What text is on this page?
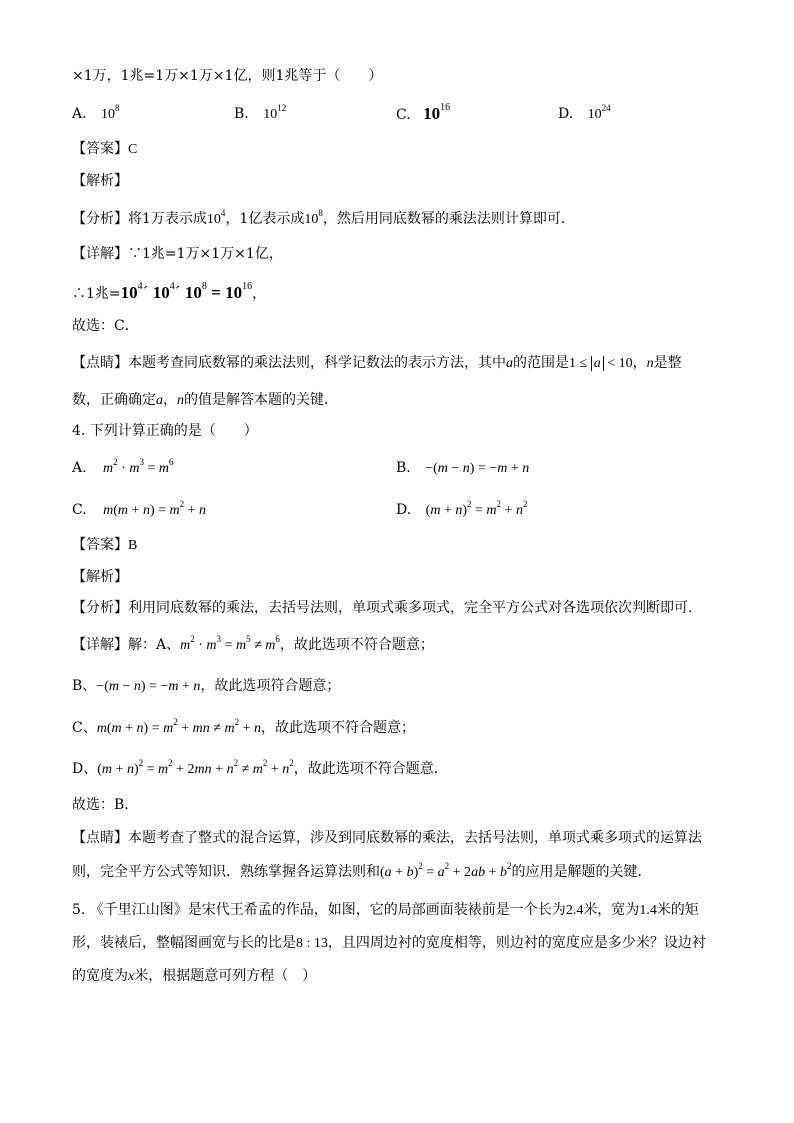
×1万，1兆=1万×1万×1亿，则1兆等于（　　）
A. $10^8$	B. $10^{12}$	C. $10^{16}$	D. $10^{24}$
【答案】C
【解析】
【分析】将1万表示成$10^4$，1亿表示成$10^8$，然后用同底数幂的乘法法则计算即可．
【详解】∵1兆=1万×1万×1亿，
∴1兆$=10^4´$ $10^4´$ $10^8 = 10^{16}$，
故选：C．
【点睛】本题考查同底数幂的乘法法则，科学记数法的表示方法，其中a的范围是1 ≤ a < 10，n是整
数，正确确定a，n的值是解答本题的关键．
4. 下列计算正确的是（　　）
A. $m^2 \cdot m^3 = m^6$	B. −(m − n) = −m + n
C. $m(m + n) = m^2 + n$	D. $(m + n)^2 = m^2 + n^2$
【答案】B
【解析】
【分析】利用同底数幂的乘法，去括号法则，单项式乘多项式，完全平方公式对各选项依次判断即可．
【详解】解：A、$m^2 \cdot m^3 = m^5 \ne m^6$，故此选项不符合题意；
B、−(m − n) = −m + n，故此选项符合题意；
C、$m(m + n) = m^2$ + mn ≠ $m^2 + n$，故此选项不符合题意；
D、$(m + n)^2 = m^2 + 2mn + n^2 \ne m^2 + n^2$，故此选项不符合题意．
故选：B．
【点睛】本题考查了整式的混合运算，涉及到同底数幂的乘法，去括号法则，单项式乘多项式的运算法
则，完全平方公式等知识．熟练掌握各运算法则和$(a + b)^2 = a^2 + 2ab + b^2$的应用是解题的关键．
5. 《千里江山图》是宋代王希孟的作品，如图，它的局部画面装裱前是一个长为2.4米，宽为1.4米的矩
形，装裱后，整幅图画宽与长的比是8 : 13，且四周边衬的宽度相等，则边衬的宽度应是多少米？设边衬
的宽度为x米，根据题意可列方程（　）
